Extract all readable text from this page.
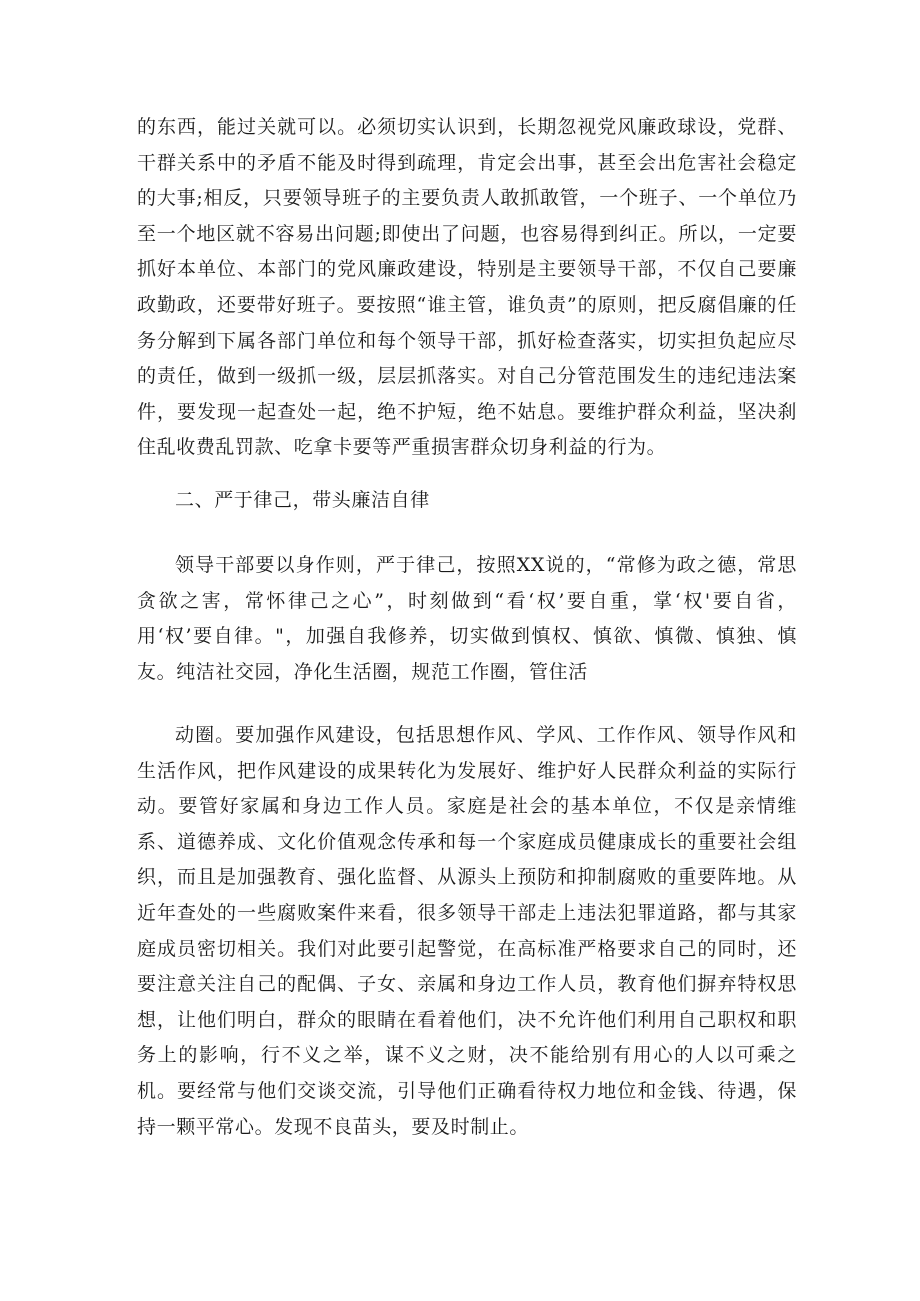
的东西，能过关就可以。必须切实认识到，长期忽视党风廉政球设，党群、干群关系中的矛盾不能及时得到疏理，肯定会出事，甚至会出危害社会稳定的大事;相反，只要领导班子的主要负责人敢抓敢管，一个班子、一个单位乃至一个地区就不容易出问题;即使出了问题，也容易得到纠正。所以，一定要抓好本单位、本部门的党风廉政建设，特别是主要领导干部，不仅自己要廉政勤政，还要带好班子。要按照“谁主管，谁负责”的原则，把反腐倡廉的任务分解到下属各部门单位和每个领导干部，抓好检查落实，切实担负起应尽的责任，做到一级抓一级，层层抓落实。对自己分管范围发生的违纪违法案件，要发现一起查处一起，绝不护短，绝不姑息。要维护群众利益，坚决刹住乱收费乱罚款、吃拿卡要等严重损害群众切身利益的行为。

二、严于律己，带头廉洁自律

领导干部要以身作则，严于律己，按照XX说的，“常修为政之德，常思贪欲之害，常怀律己之心”，时刻做到“看‘权’要自重，掌‘权'要自省，用‘权’要自律。"，加强自我修养，切实做到慎权、慎欲、慎微、慎独、慎友。纯洁社交园，净化生活圈，规范工作圈，管住活

动圈。要加强作风建设，包括思想作风、学风、工作作风、领导作风和生活作风，把作风建设的成果转化为发展好、维护好人民群众利益的实际行动。要管好家属和身边工作人员。家庭是社会的基本单位，不仅是亲情维系、道德养成、文化价值观念传承和每一个家庭成员健康成长的重要社会组织，而且是加强教育、强化监督、从源头上预防和抑制腐败的重要阵地。从近年查处的一些腐败案件来看，很多领导干部走上违法犯罪道路，都与其家庭成员密切相关。我们对此要引起警觉，在高标准严格要求自己的同时，还要注意关注自己的配偶、子女、亲属和身边工作人员，教育他们摒弃特权思想，让他们明白，群众的眼睛在看着他们，决不允许他们利用自己职权和职务上的影响，行不义之举，谋不义之财，决不能给别有用心的人以可乘之机。要经常与他们交谈交流，引导他们正确看待权力地位和金钱、待遇，保持一颗平常心。发现不良苗头，要及时制止。
